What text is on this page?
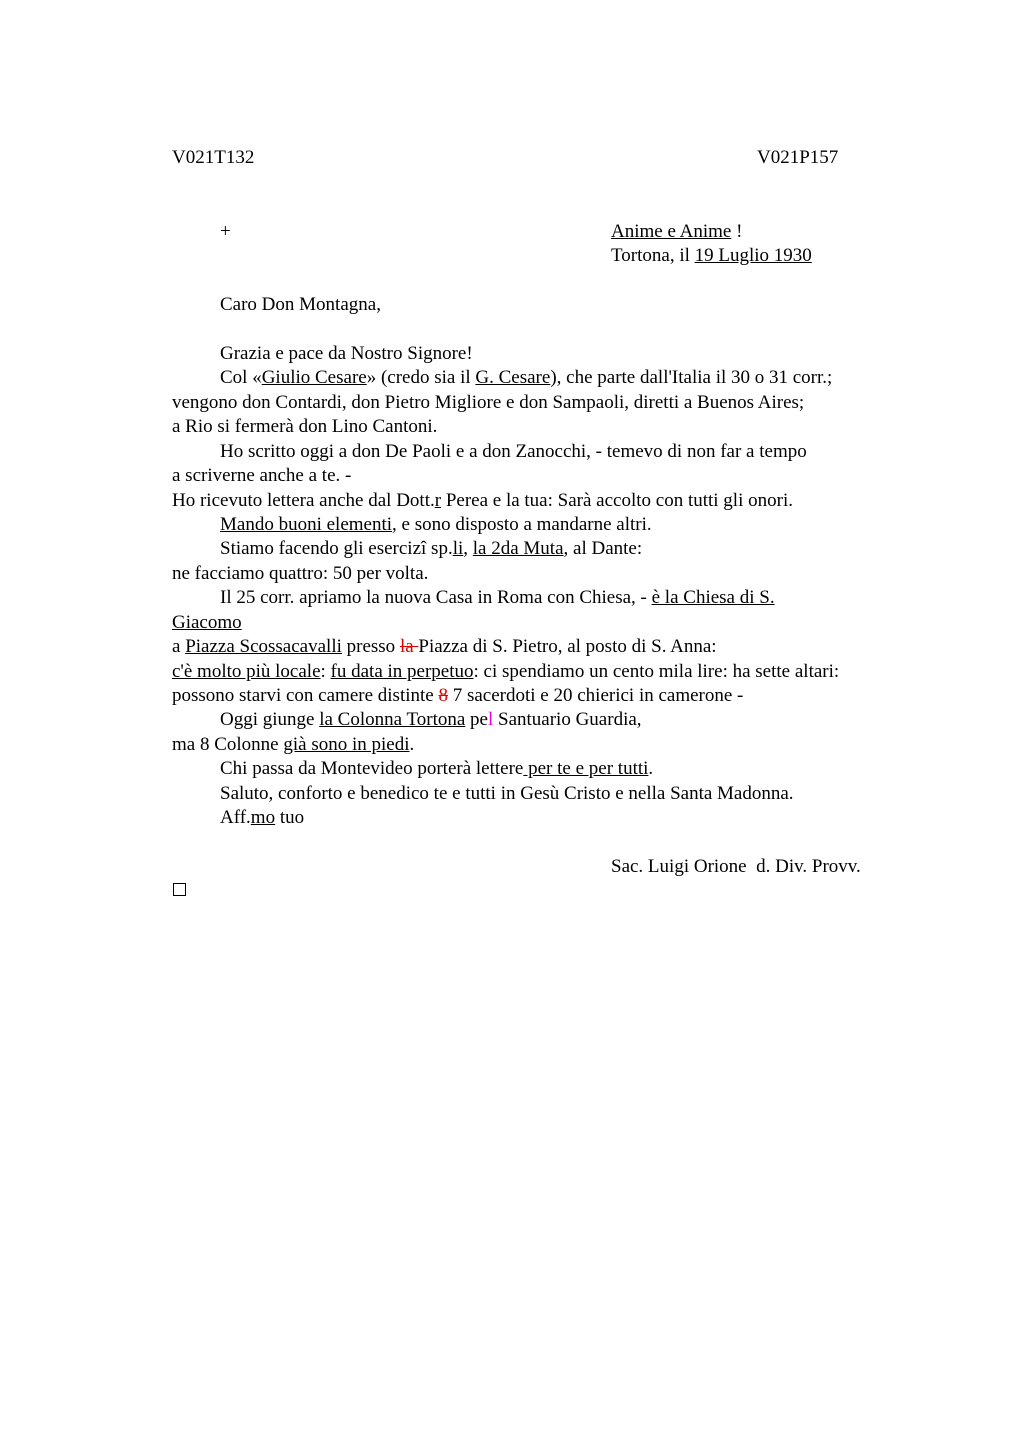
V021T132	V021P157
+	Anime e Anime !
Tortona, il 19 Luglio 1930
Caro Don Montagna,
Grazia e pace da Nostro Signore!
Col «Giulio Cesare» (credo sia il G. Cesare), che parte dall'Italia il 30 o 31 corr.;
vengono don Contardi, don Pietro Migliore e don Sampaoli, diretti a Buenos Aires;
a Rio si fermerà don Lino Cantoni.
Ho scritto oggi a don De Paoli e a don Zanocchi, - temevo di non far a tempo
a scriverne anche a te. -
Ho ricevuto lettera anche dal Dott.r Perea e la tua: Sarà accolto con tutti gli onori.
Mando buoni elementi, e sono disposto a mandarne altri.
Stiamo facendo gli esercizi sp.li, la 2da Muta, al Dante:
ne facciamo quattro: 50 per volta.
Il 25 corr. apriamo la nuova Casa in Roma con Chiesa, - è la Chiesa di S.
Giacomo
a Piazza Scossacavalli presso la Piazza di S. Pietro, al posto di S. Anna:
c'è molto più locale: fu data in perpetuo: ci spendiamo un cento mila lire: ha sette altari:
possono starvi con camere distinte 8 7 sacerdoti e 20 chierici in camerone -
Oggi giunge la Colonna Tortona pel Santuario Guardia,
ma 8 Colonne già sono in piedi.
Chi passa da Montevideo porterà lettere per te e per tutti.
Saluto, conforto e benedico te e tutti in Gesù Cristo e nella Santa Madonna.
Aff.mo tuo
Sac. Luigi Orione  d. Div. Provv.
